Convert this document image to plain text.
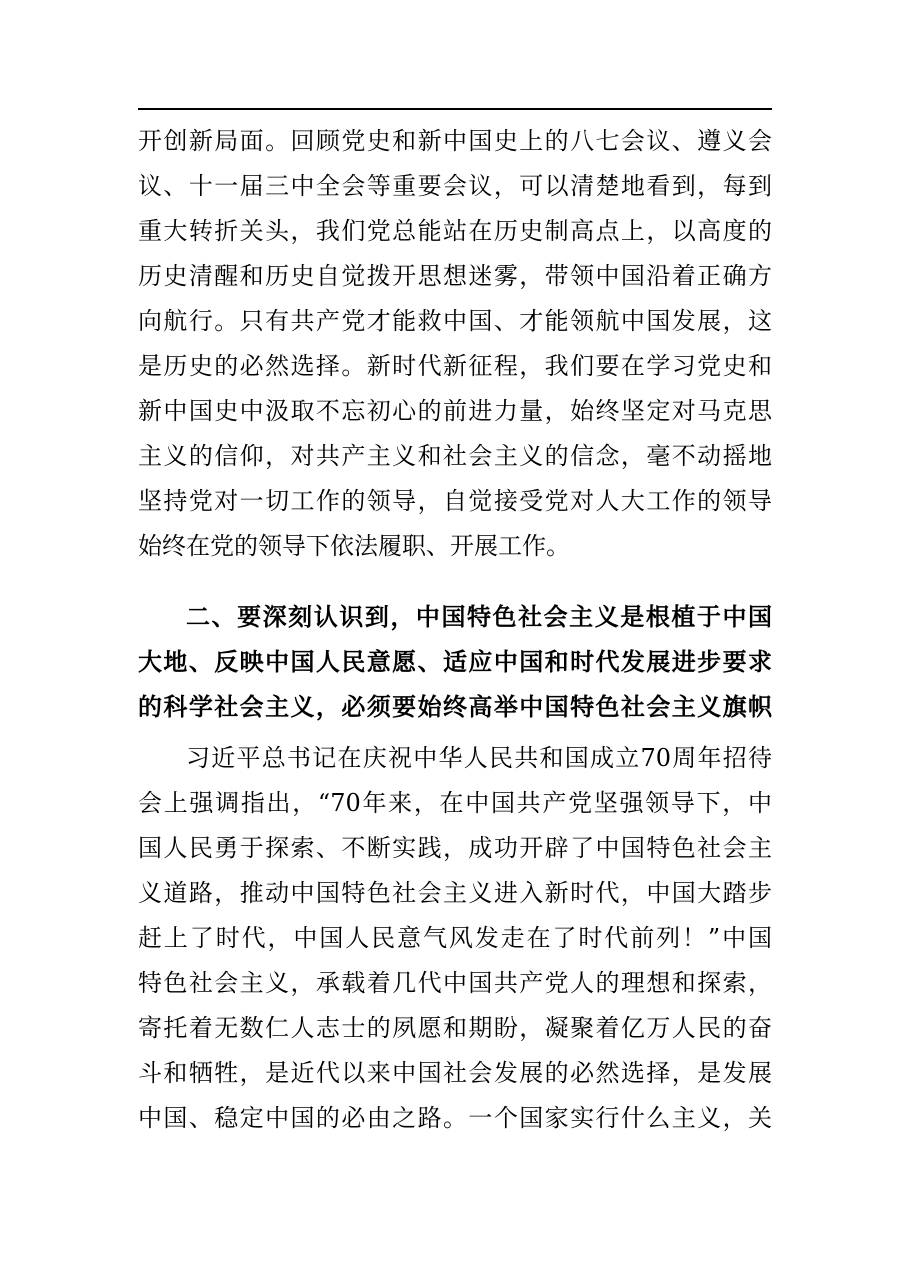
开创新局面。回顾党史和新中国史上的八七会议、遵义会
议、十一届三中全会等重要会议，可以清楚地看到，每到
重大转折关头，我们党总能站在历史制高点上，以高度的
历史清醒和历史自觉拨开思想迷雾，带领中国沿着正确方
向航行。只有共产党才能救中国、才能领航中国发展，这
是历史的必然选择。新时代新征程，我们要在学习党史和
新中国史中汲取不忘初心的前进力量，始终坚定对马克思
主义的信仰，对共产主义和社会主义的信念，毫不动摇地
坚持党对一切工作的领导，自觉接受党对人大工作的领导
始终在党的领导下依法履职、开展工作。
二、要深刻认识到，中国特色社会主义是根植于中国
大地、反映中国人民意愿、适应中国和时代发展进步要求
的科学社会主义，必须要始终高举中国特色社会主义旗帜
习近平总书记在庆祝中华人民共和国成立70周年招待
会上强调指出，“70年来，在中国共产党坚强领导下，中
国人民勇于探索、不断实践，成功开辟了中国特色社会主
义道路，推动中国特色社会主义进入新时代，中国大踏步
赶上了时代，中国人民意气风发走在了时代前列！”中国
特色社会主义，承载着几代中国共产党人的理想和探索，
寄托着无数仁人志士的夙愿和期盼，凝聚着亿万人民的奋
斗和牺牲，是近代以来中国社会发展的必然选择，是发展
中国、稳定中国的必由之路。一个国家实行什么主义，关
